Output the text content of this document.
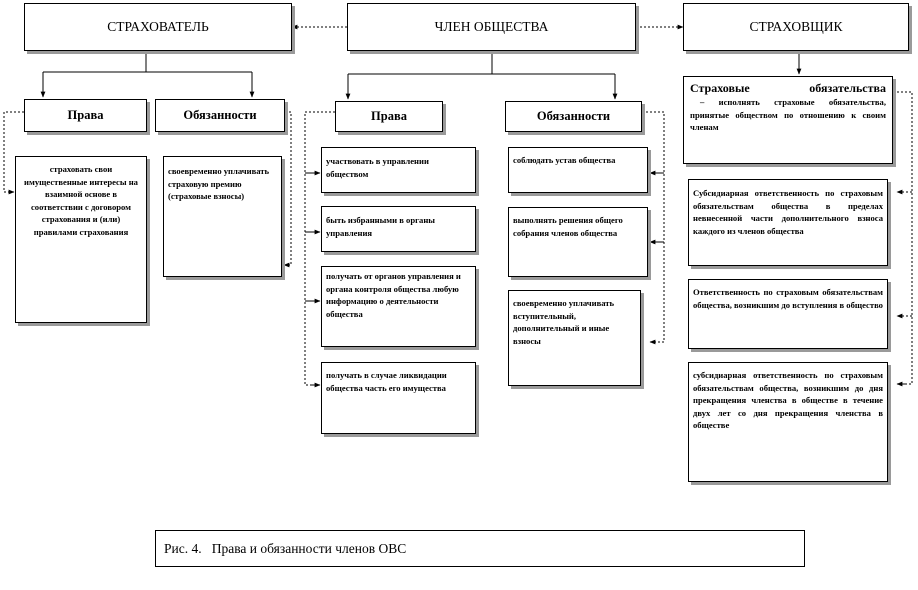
СТРАХОВАТЕЛЬ	ЧЛЕН ОБЩЕСТВА	СТРАХОВЩИК
Права	Обязанности
страховать свои имущественные интересы на взаимной основе в соответствии с договором страхования и (или) правилами страхования
своевременно уплачивать страховую премию (страховые взносы)
Права	Обязанности
участвовать в управлении обществом
быть избранными в органы управления
получать от органов управления и органа контроля общества любую информацию о деятельности общества
получать в случае ликвидации общества часть его имущества
соблюдать устав общества
выполнять решения общего собрания членов общества
своевременно уплачивать вступительный, дополнительный и иные взносы
Страховые обязательства
– исполнять страховые обязательства, принятые обществом по отношению к своим членам
Субсидиарная ответственность по страховым обязательствам общества в пределах невнесенной части дополнительного взноса каждого из членов общества
Ответственность по страховым обязательствам общества, возникшим до вступления в общество
субсидиарная ответственность по страховым обязательствам общества, возникшим до дня прекращения членства в обществе в течение двух лет со дня прекращения членства в обществе
Рис. 4.   Права и обязанности членов ОВС
